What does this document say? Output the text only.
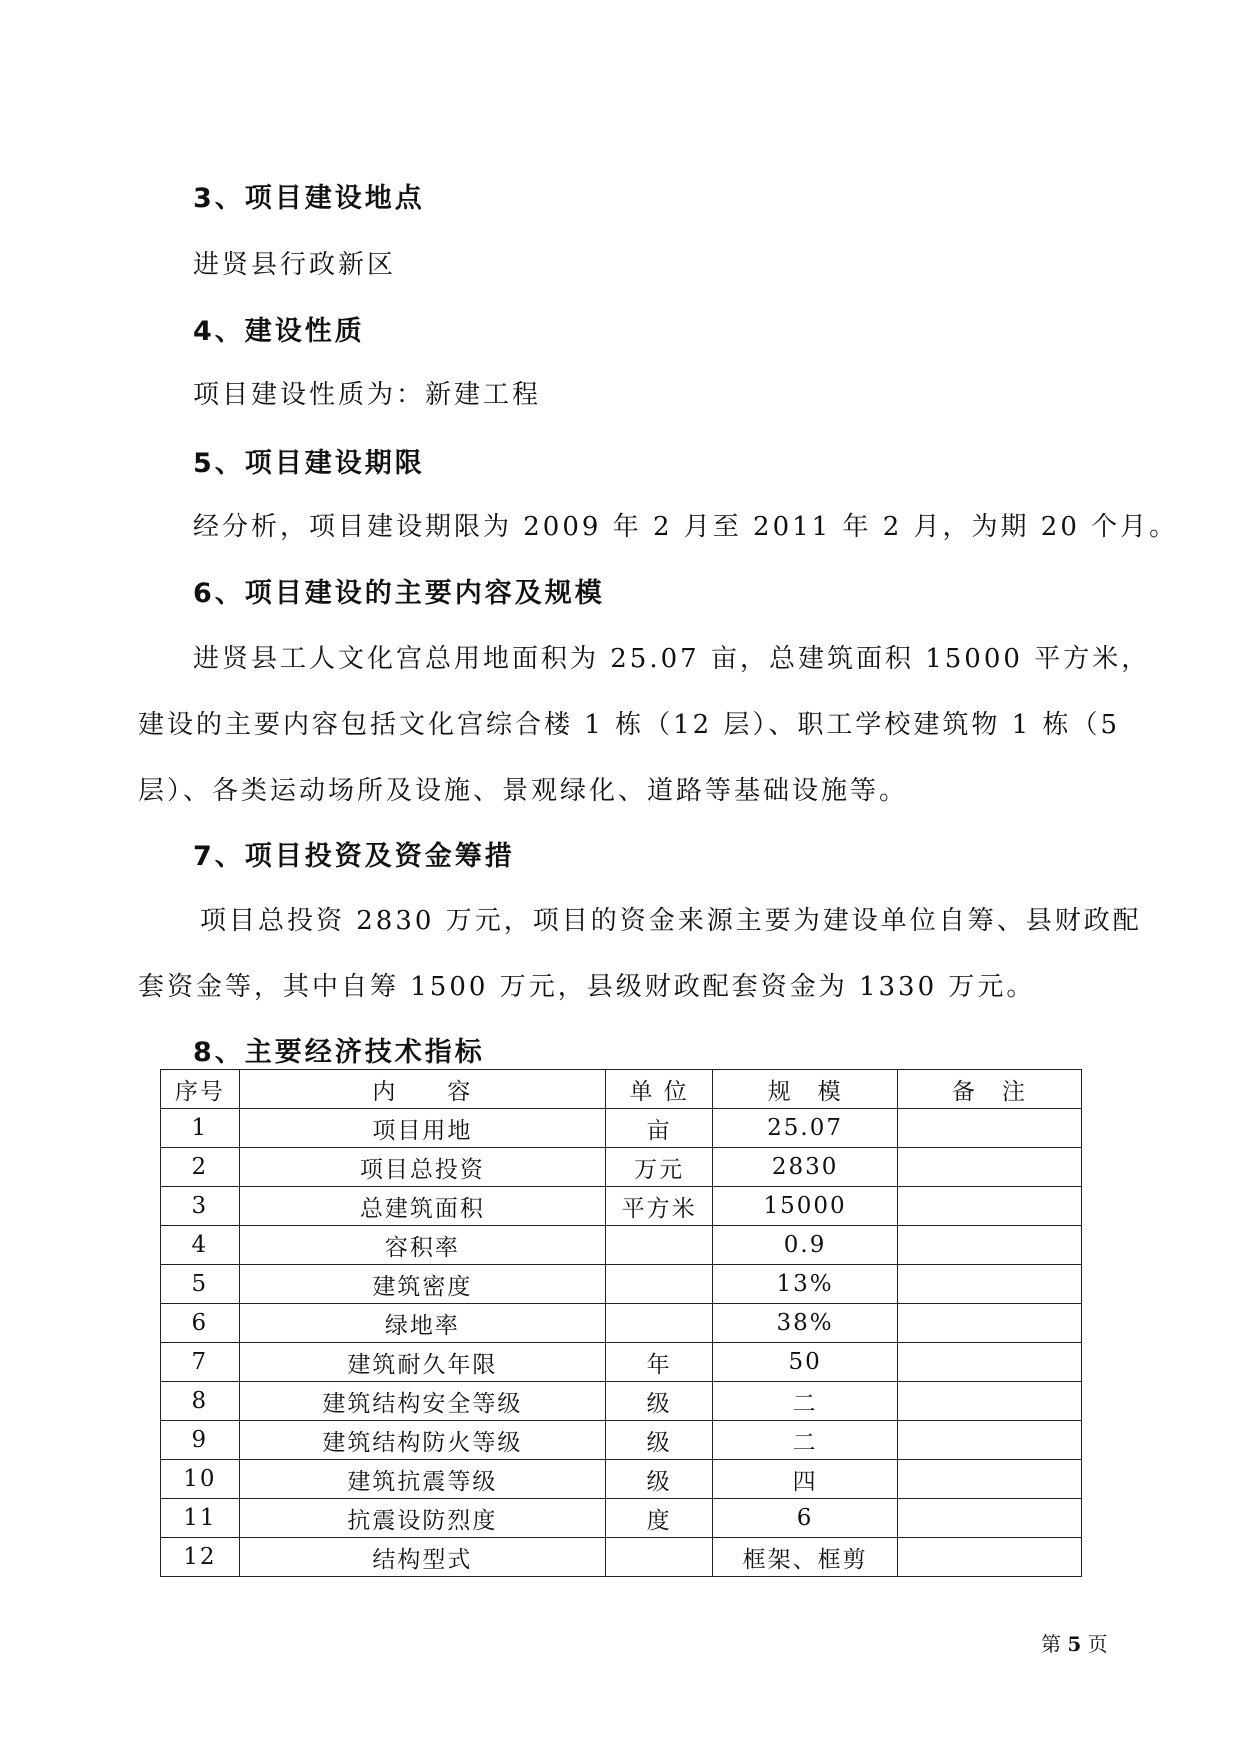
3、项目建设地点
进贤县行政新区
4、建设性质
项目建设性质为：新建工程
5、项目建设期限
经分析，项目建设期限为 2009 年 2 月至 2011 年 2 月，为期 20 个月。
6、项目建设的主要内容及规模
进贤县工人文化宫总用地面积为 25.07 亩，总建筑面积 15000 平方米，
建设的主要内容包括文化宫综合楼 1 栋（12 层）、职工学校建筑物 1 栋（5
层）、各类运动场所及设施、景观绿化、道路等基础设施等。
7、项目投资及资金筹措
项目总投资 2830 万元，项目的资金来源主要为建设单位自筹、县财政配
套资金等，其中自筹 1500 万元，县级财政配套资金为 1330 万元。
8、主要经济技术指标
序号	内　　容	单 位	规　模	备　注
1	项目用地	亩	25.07	
2	项目总投资	万元	2830	
3	总建筑面积	平方米	15000	
4	容积率		0.9	
5	建筑密度		13%	
6	绿地率		38%	
7	建筑耐久年限	年	50	
8	建筑结构安全等级	级	二	
9	建筑结构防火等级	级	二	
10	建筑抗震等级	级	四	
11	抗震设防烈度	度	6	
12	结构型式		框架、框剪	
第 5 页
